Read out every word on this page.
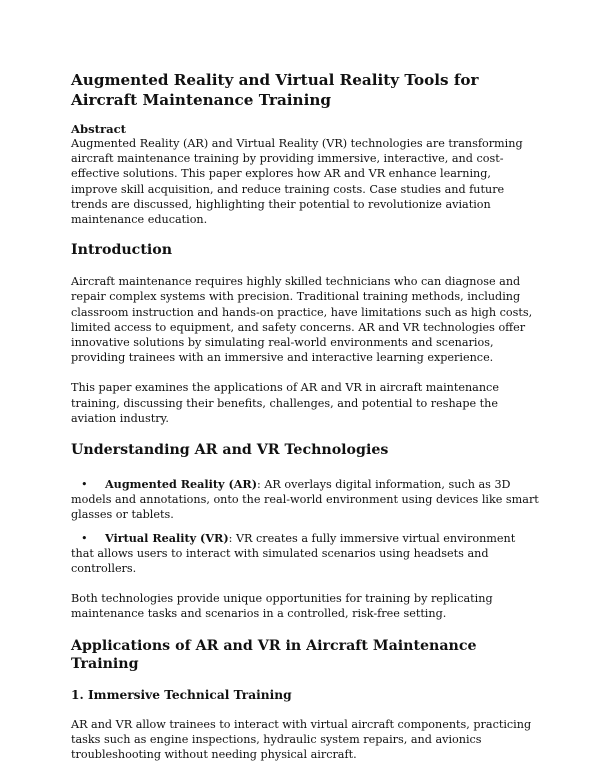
Augmented Reality and Virtual Reality Tools for Aircraft Maintenance Training
Abstract

Augmented Reality (AR) and Virtual Reality (VR) technologies are transforming aircraft maintenance training by providing immersive, interactive, and cost-effective solutions. This paper explores how AR and VR enhance learning, improve skill acquisition, and reduce training costs. Case studies and future trends are discussed, highlighting their potential to revolutionize aviation maintenance education.

Introduction

Aircraft maintenance requires highly skilled technicians who can diagnose and repair complex systems with precision. Traditional training methods, including classroom instruction and hands-on practice, have limitations such as high costs, limited access to equipment, and safety concerns. AR and VR technologies offer innovative solutions by simulating real-world environments and scenarios, providing trainees with an immersive and interactive learning experience.

This paper examines the applications of AR and VR in aircraft maintenance training, discussing their benefits, challenges, and potential to reshape the aviation industry.

Understanding AR and VR Technologies
• Augmented Reality (AR): AR overlays digital information, such as 3D models and annotations, onto the real-world environment using devices like smart glasses or tablets.
• Virtual Reality (VR): VR creates a fully immersive virtual environment that allows users to interact with simulated scenarios using headsets and controllers.

Both technologies provide unique opportunities for training by replicating maintenance tasks and scenarios in a controlled, risk-free setting.

Applications of AR and VR in Aircraft Maintenance Training
1. Immersive Technical Training

AR and VR allow trainees to interact with virtual aircraft components, practicing tasks such as engine inspections, hydraulic system repairs, and avionics troubleshooting without needing physical aircraft.
